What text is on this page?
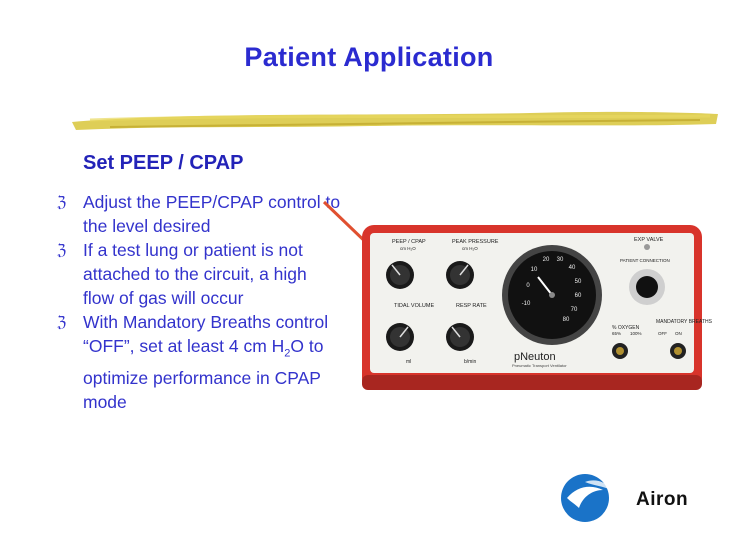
Patient Application
Set PEEP / CPAP
ℨ Adjust the PEEP/CPAP control to the level desired
ℨ If a test lung or patient is not attached to the circuit, a high flow of gas will occur
ℨ With Mandatory Breaths control “OFF”, set at least 4 cm $H_2O$ to optimize performance in CPAP mode
PEEP / CPAP
cm H₂O
PEAK PRESSURE
cm H₂O
EXP VALVE
PATIENT CONNECTION
TIDAL VOLUME	RESP RATE
% OXYGEN
MANDATORY BREATHS
65% 100%	OFF ON
ml	b/min
-10
0
10
20 30
40
50
60
70
80
pNeuton
Pneumatic Transport Ventilator
Airon
